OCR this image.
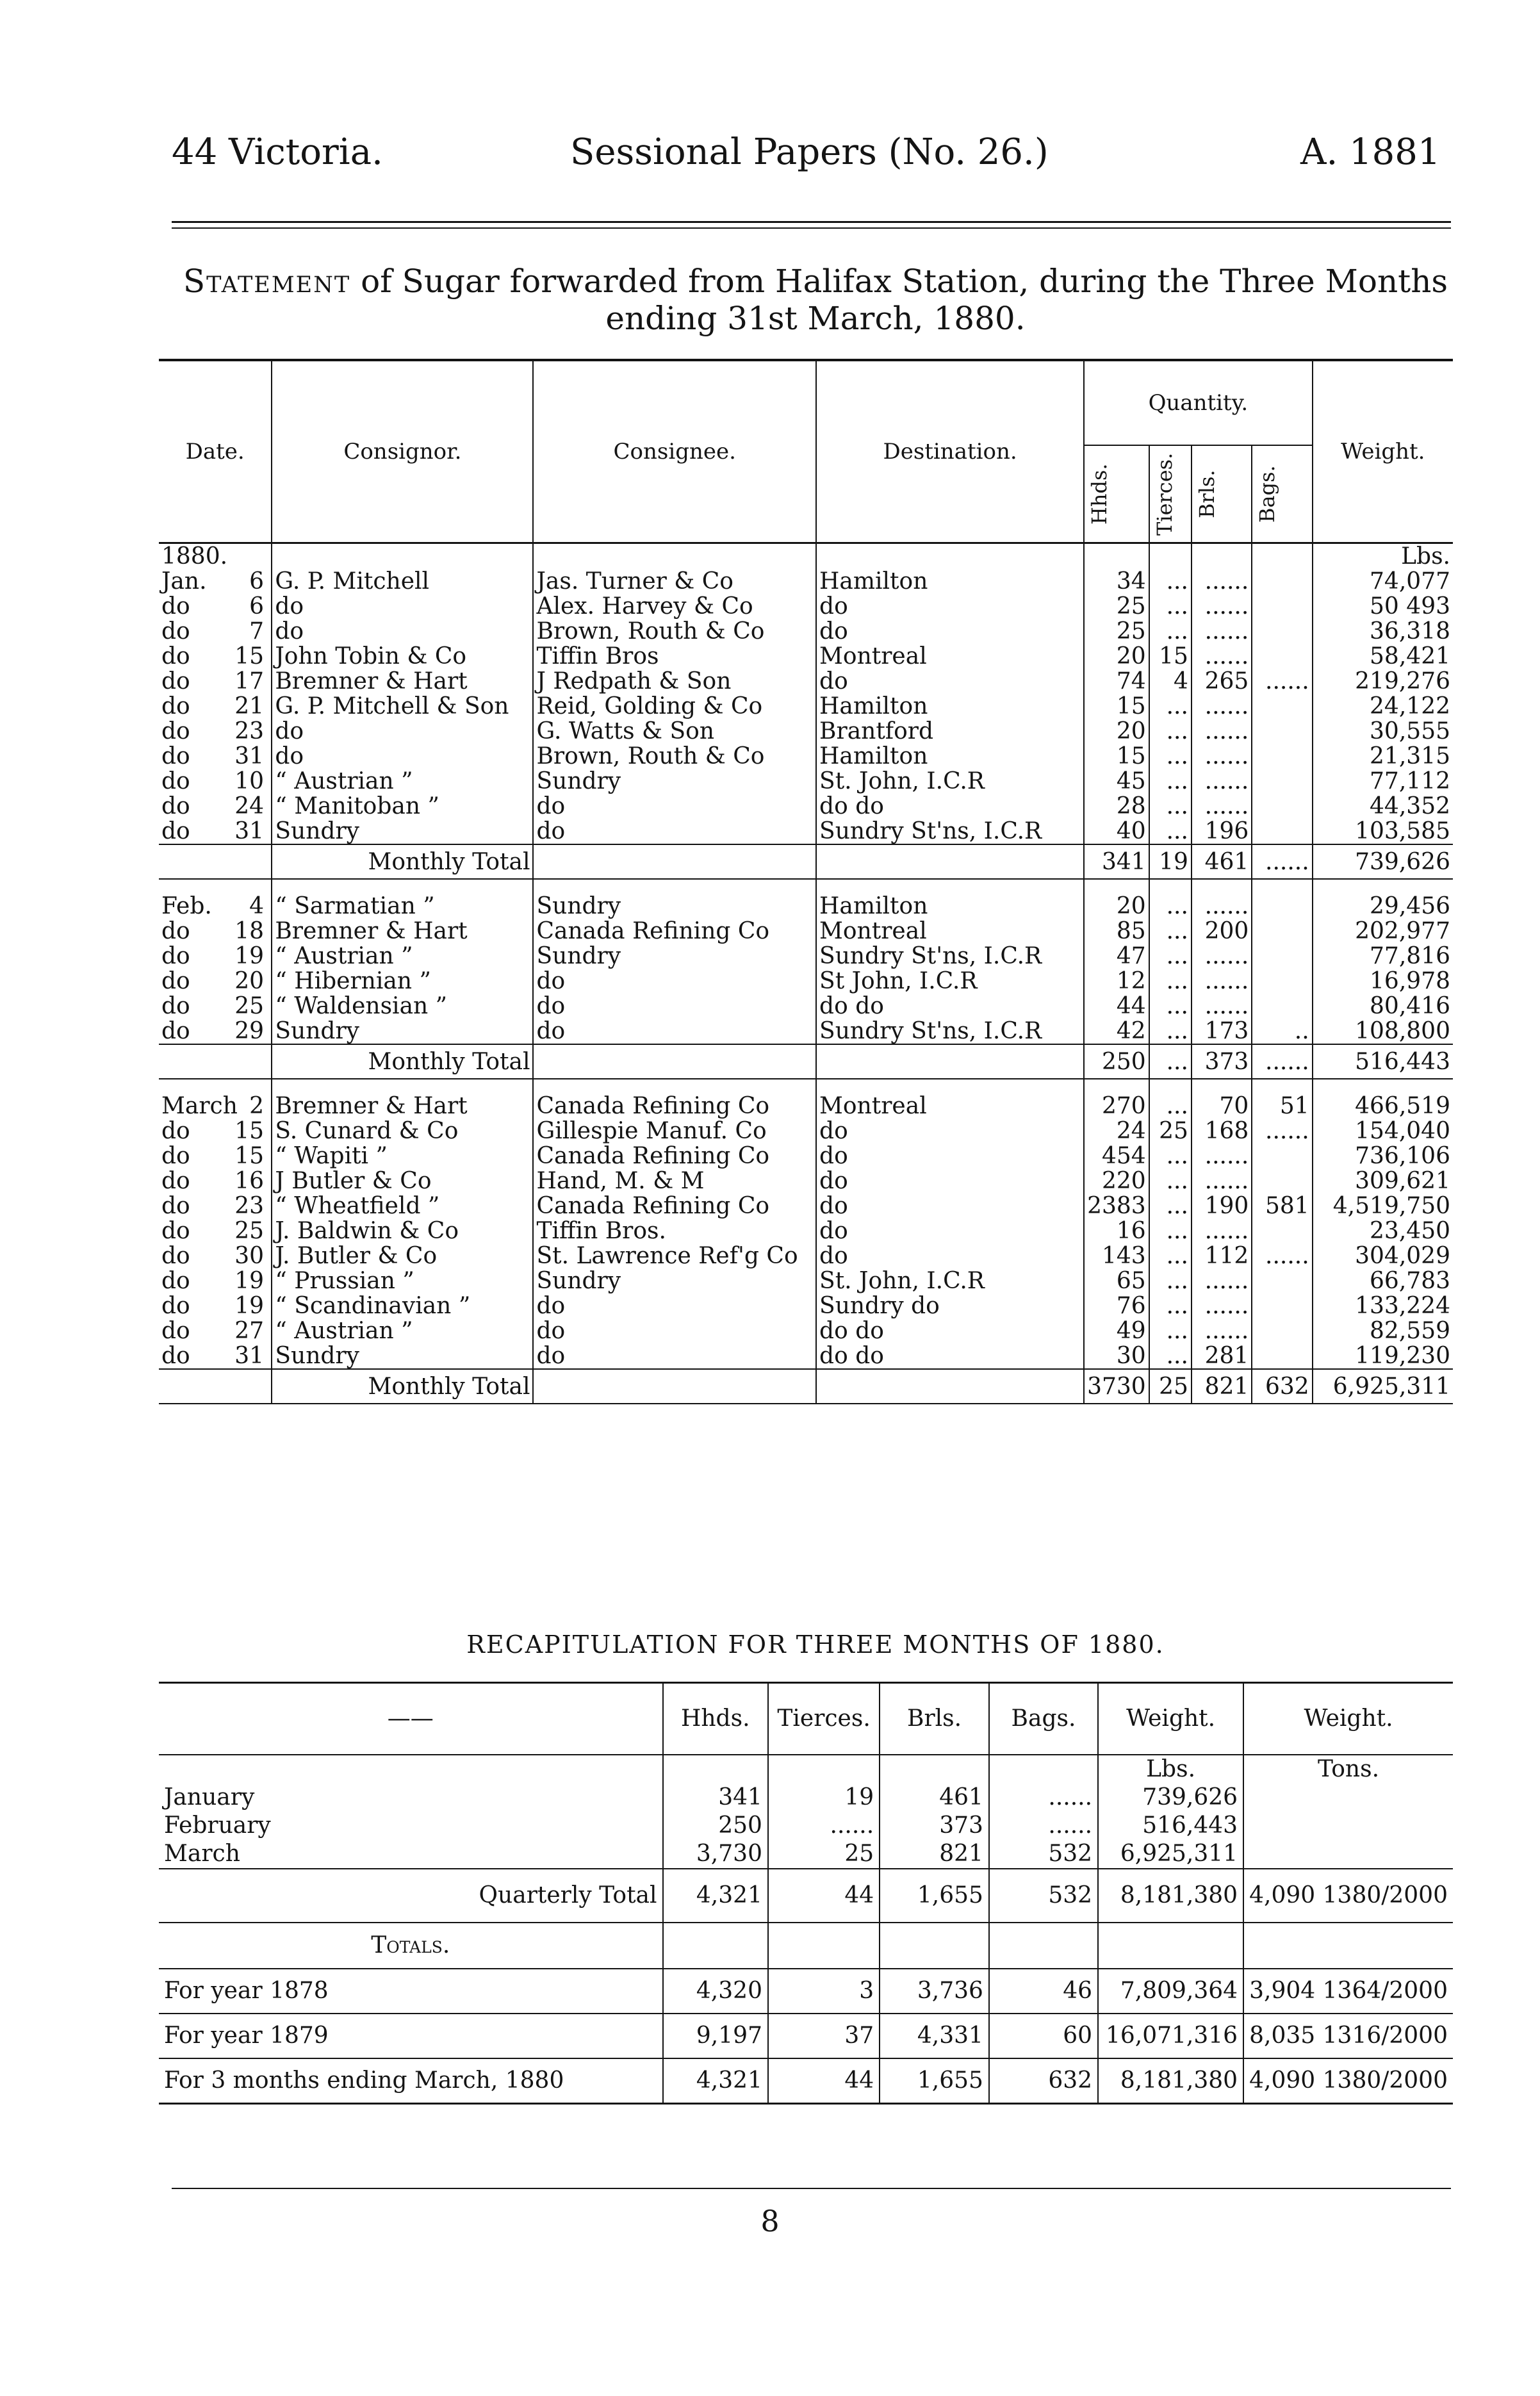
44 Victoria.	Sessional Papers (No. 26.)	A. 1881
Statement of Sugar forwarded from Halifax Station, during the Three Months ending 31st March, 1880.
Date.	Consignor.	Consignee.	Destination.	Quantity.				Weight.

				Hhds.	Tierces.	Brls.	Bags.	

1880.								Lbs.
Jan. 6	G. P. Mitchell	Jas. Turner & Co	Hamilton	34	...	......		74,077
do 6	do	Alex. Harvey & Co	do	25	...	......		50 493
do 7	do	Brown, Routh & Co	do	25	...	......		36,318
do 15	John Tobin & Co	Tiffin Bros	Montreal	20	15	......		58,421
do 17	Bremner & Hart	J Redpath & Son	do	74	4	265	......	219,276
do 21	G. P. Mitchell & Son	Reid, Golding & Co	Hamilton	15	...	......		24,122
do 23	do	G. Watts & Son	Brantford	20	...	......		30,555
do 31	do	Brown, Routh & Co	Hamilton	15	...	......		21,315
do 10	“ Austrian ”	Sundry	St. John, I.C.R	45	...	......		77,112
do 24	“ Manitoban ”	do	do do	28	...	......		44,352
do 31	Sundry	do	Sundry St'ns, I.C.R	40	...	196		103,585
	Monthly Total			341	19	461	......	739,626

Feb. 4	“ Sarmatian ”	Sundry	Hamilton	20	...	......		29,456
do 18	Bremner & Hart	Canada Refining Co	Montreal	85	...	200		202,977
do 19	“ Austrian ”	Sundry	Sundry St'ns, I.C.R	47	...	......		77,816
do 20	“ Hibernian ”	do	St John, I.C.R	12	...	......		16,978
do 25	“ Waldensian ”	do	do do	44	...	......		80,416
do 29	Sundry	do	Sundry St'ns, I.C.R	42	...	173	..	108,800
	Monthly Total			250	...	373	......	516,443

March 2	Bremner & Hart	Canada Refining Co	Montreal	270	...	70	51	466,519
do 15	S. Cunard & Co	Gillespie Manuf. Co	do	24	25	168	......	154,040
do 15	“ Wapiti ”	Canada Refining Co	do	454	...	......		736,106
do 16	J Butler & Co	Hand, M. & M	do	220	...	......		309,621
do 23	“ Wheatfield ”	Canada Refining Co	do	2383	...	190	581	4,519,750
do 25	J. Baldwin & Co	Tiffin Bros.	do	16	...	......		23,450
do 30	J. Butler & Co	St. Lawrence Ref'g Co	do	143	...	112	......	304,029
do 19	“ Prussian ”	Sundry	St. John, I.C.R	65	...	......		66,783
do 19	“ Scandinavian ”	do	Sundry do	76	...	......		133,224
do 27	“ Austrian ”	do	do do	49	...	......		82,559
do 31	Sundry	do	do do	30	...	281		119,230
	Monthly Total			3730	25	821	632	6,925,311
RECAPITULATION FOR THREE MONTHS OF 1880.
——	Hhds.	Tierces.	Brls.	Bags.	Weight.	Weight.
					Lbs.	Tons.
January	341	19	461	......	739,626	
February	250	......	373	......	516,443	
March	3,730	25	821	532	6,925,311	
Quarterly Total	4,321	44	1,655	532	8,181,380	4,090 1380/2000
Totals.						
For year 1878	4,320	3	3,736	46	7,809,364	3,904 1364/2000
For year 1879	9,197	37	4,331	60	16,071,316	8,035 1316/2000
For 3 months ending March, 1880	4,321	44	1,655	632	8,181,380	4,090 1380/2000
8
